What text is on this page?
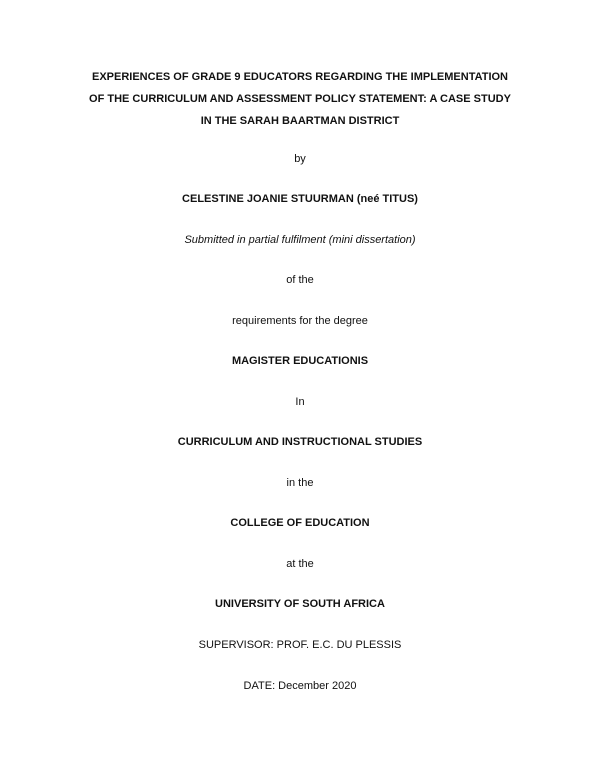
EXPERIENCES OF GRADE 9 EDUCATORS REGARDING THE IMPLEMENTATION
OF THE CURRICULUM AND ASSESSMENT POLICY STATEMENT: A CASE STUDY
IN THE SARAH BAARTMAN DISTRICT
by
CELESTINE JOANIE STUURMAN (neé TITUS)
Submitted in partial fulfilment (mini dissertation)
of the
requirements for the degree
MAGISTER EDUCATIONIS
In
CURRICULUM AND INSTRUCTIONAL STUDIES
in the
COLLEGE OF EDUCATION
at the
UNIVERSITY OF SOUTH AFRICA
SUPERVISOR: PROF. E.C. DU PLESSIS
DATE: December 2020
